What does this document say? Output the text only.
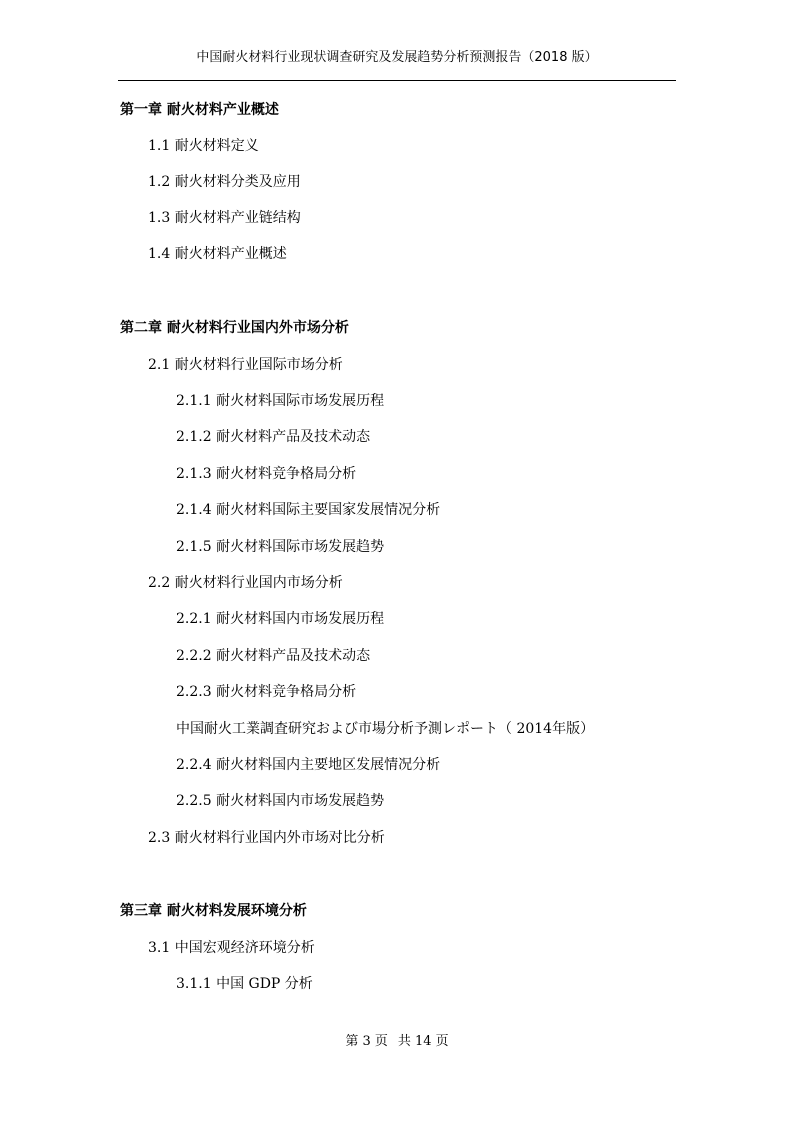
中国耐火材料行业现状调查研究及发展趋势分析预测报告（2018 版）
第一章 耐火材料产业概述
1.1 耐火材料定义
1.2 耐火材料分类及应用
1.3 耐火材料产业链结构
1.4 耐火材料产业概述
第二章 耐火材料行业国内外市场分析
2.1 耐火材料行业国际市场分析
2.1.1 耐火材料国际市场发展历程
2.1.2 耐火材料产品及技术动态
2.1.3 耐火材料竞争格局分析
2.1.4 耐火材料国际主要国家发展情况分析
2.1.5 耐火材料国际市场发展趋势
2.2 耐火材料行业国内市场分析
2.2.1 耐火材料国内市场发展历程
2.2.2 耐火材料产品及技术动态
2.2.3 耐火材料竞争格局分析
中国耐火工業調査研究および市場分析予測レポート（ 2014年版）
2.2.4 耐火材料国内主要地区发展情况分析
2.2.5 耐火材料国内市场发展趋势
2.3 耐火材料行业国内外市场对比分析
第三章 耐火材料发展环境分析
3.1 中国宏观经济环境分析
3.1.1 中国 GDP 分析
第 3 页 共 14 页
